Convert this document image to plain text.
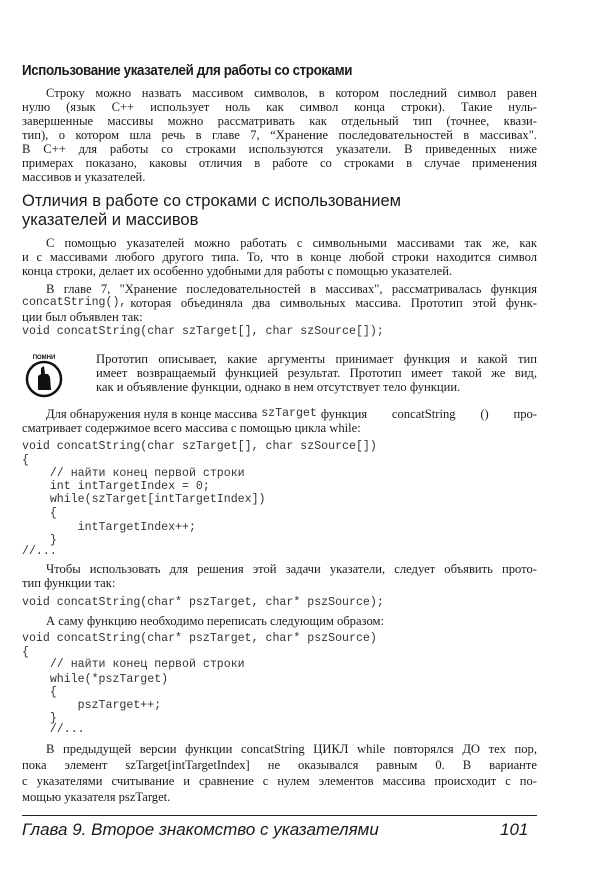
Использование указателей для работы со строками
Строку можно назвать массивом символов, в котором последний символ равен
нулю (язык С++ использует ноль как символ конца строки). Такие нуль-
завершенные массивы можно рассматривать как отдельный тип (точнее, квази-
тип), о котором шла речь в главе 7, “Хранение последовательностей в массивах".
В С++ для работы со строками используются указатели. В приведенных ниже
примерах показано, каковы отличия в работе со строками в случае применения
массивов и указателей.
Отличия в работе со строками с использованием
указателей и массивов
С помощью указателей можно работать с символьными массивами так же, как
и с массивами любого другого типа. То, что в конце любой строки находится символ
конца строки, делает их особенно удобными для работы с помощью указателей.
В главе 7, "Хранение последовательностей в массивах", рассматривалась функция
concatString(), которая объединяла два символьных массива. Прототип этой функ-
ции был объявлен так:
void concatString(char szTarget[], char szSource[]);
ПОМНИ	Прототип описывает, какие аргументы принимает функция и какой тип
имеет возвращаемый функцией результат. Прототип имеет такой же вид,
как и объявление функции, однако в нем отсутствует тело функции.
Для обнаружения нуля в конце массива szTarget функция concatString () про-
сматривает содержимое всего массива с помощью цикла while:
void concatString(char szTarget[], char szSource[])
{
// найти конец первой строки
int intTargetIndex = 0;
while(szTarget[intTargetIndex])
{
intTargetIndex++;
}
//...
Чтобы использовать для решения этой задачи указатели, следует объявить прото-
тип функции так:
void concatString(char* pszTarget, char* pszSource);
А саму функцию необходимо переписать следующим образом:
void concatString(char* pszTarget, char* pszSource)
{
// найти конец первой строки
while(*pszTarget)
{
pszTarget++;
}
//...
В предыдущей версии функции concatString ЦИКЛ while повторялся ДО тех пор,
пока элемент szTarget[intTargetIndex] не оказывался равным 0. В варианте
с указателями считывание и сравнение с нулем элементов массива происходит с по-
мощью указателя pszTarget.
Глава 9. Второе знакомство с указателями	101
